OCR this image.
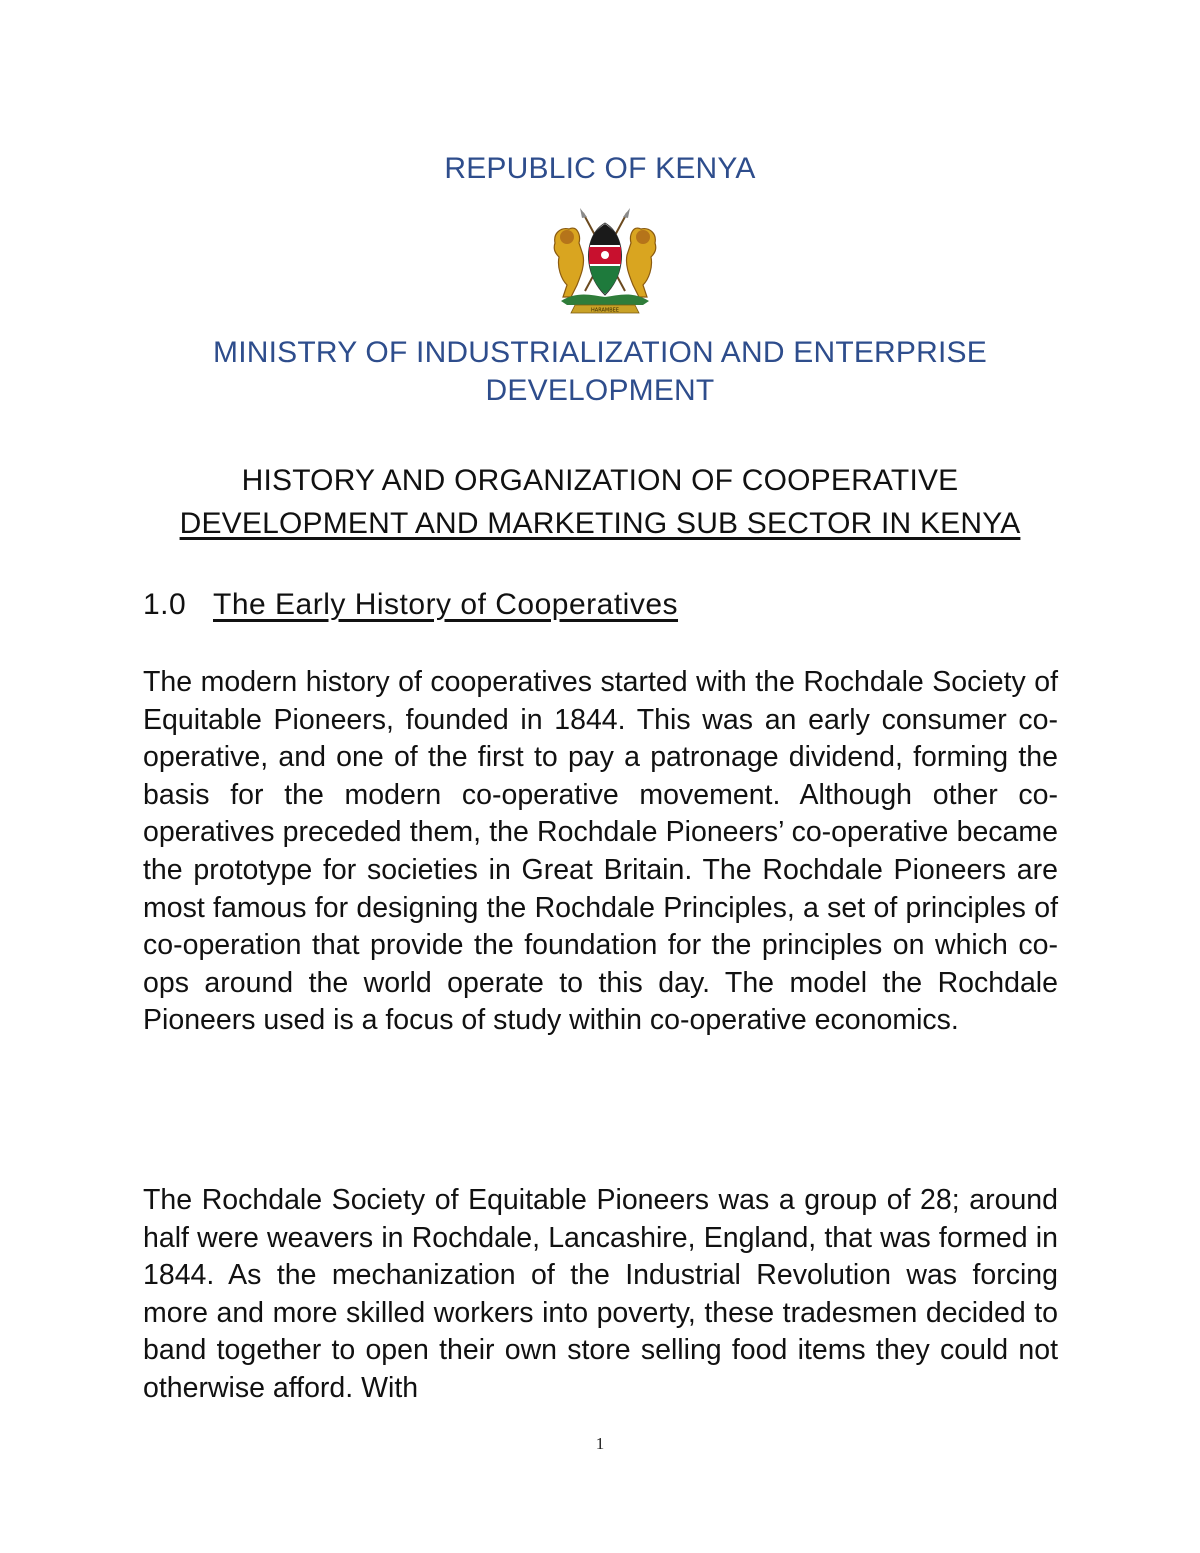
REPUBLIC OF KENYA
HARAMBEE
MINISTRY OF INDUSTRIALIZATION AND ENTERPRISE
DEVELOPMENT
HISTORY AND ORGANIZATION OF COOPERATIVE
DEVELOPMENT AND MARKETING SUB SECTOR IN KENYA
1.0 The Early History of Cooperatives

The modern history of cooperatives started with the Rochdale Society of Equitable Pioneers, founded in 1844. This was an early consumer co-operative, and one of the first to pay a patronage dividend, forming the basis for the modern co-operative movement. Although other co-operatives preceded them, the Rochdale Pioneers’ co-operative became the prototype for societies in Great Britain. The Rochdale Pioneers are most famous for designing the Rochdale Principles, a set of principles of co-operation that provide the foundation for the principles on which co-ops around the world operate to this day. The model the Rochdale Pioneers used is a focus of study within co-operative economics.

The Rochdale Society of Equitable Pioneers was a group of 28; around half were weavers in Rochdale, Lancashire, England, that was formed in 1844. As the mechanization of the Industrial Revolution was forcing more and more skilled workers into poverty, these tradesmen decided to band together to open their own store selling food items they could not otherwise afford. With

1
